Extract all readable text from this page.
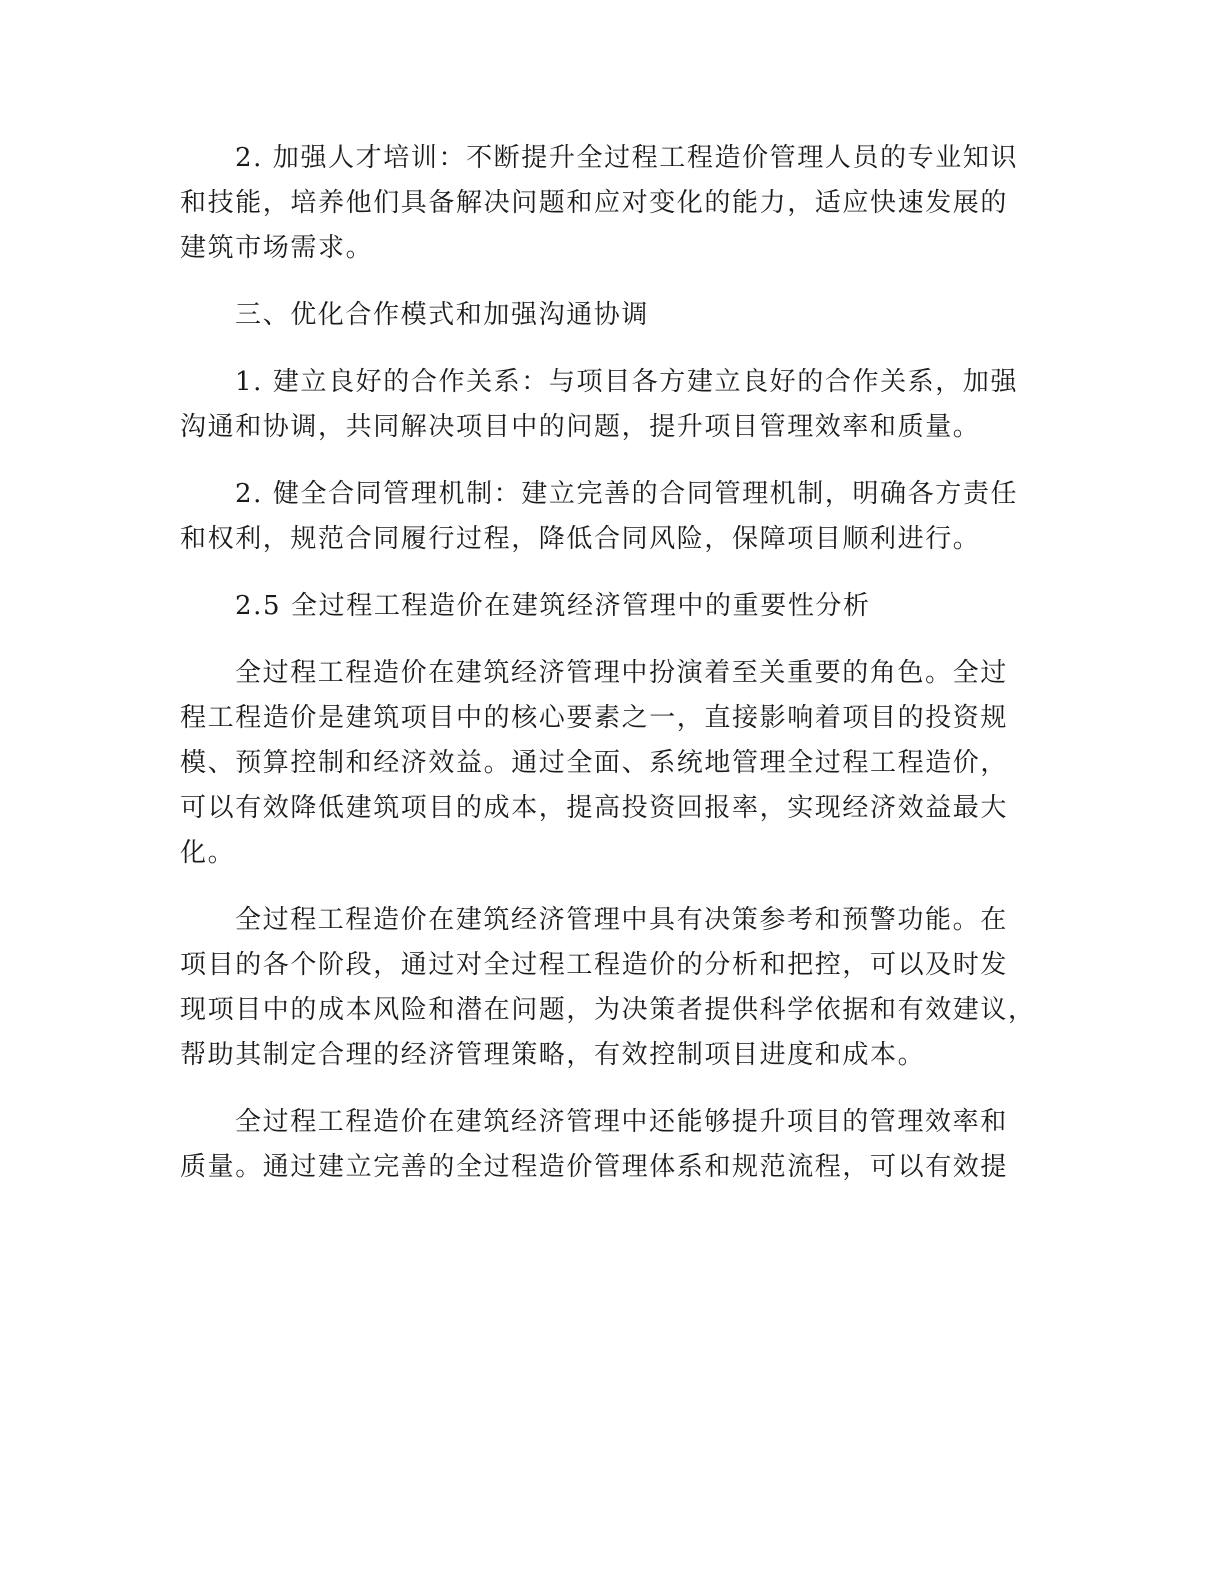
2. 加强人才培训：不断提升全过程工程造价管理人员的专业知识
和技能，培养他们具备解决问题和应对变化的能力，适应快速发展的
建筑市场需求。
三、优化合作模式和加强沟通协调
1. 建立良好的合作关系：与项目各方建立良好的合作关系，加强
沟通和协调，共同解决项目中的问题，提升项目管理效率和质量。
2. 健全合同管理机制：建立完善的合同管理机制，明确各方责任
和权利，规范合同履行过程，降低合同风险，保障项目顺利进行。
2.5 全过程工程造价在建筑经济管理中的重要性分析
全过程工程造价在建筑经济管理中扮演着至关重要的角色。全过
程工程造价是建筑项目中的核心要素之一，直接影响着项目的投资规
模、预算控制和经济效益。通过全面、系统地管理全过程工程造价，
可以有效降低建筑项目的成本，提高投资回报率，实现经济效益最大
化。
全过程工程造价在建筑经济管理中具有决策参考和预警功能。在
项目的各个阶段，通过对全过程工程造价的分析和把控，可以及时发
现项目中的成本风险和潜在问题，为决策者提供科学依据和有效建议，
帮助其制定合理的经济管理策略，有效控制项目进度和成本。
全过程工程造价在建筑经济管理中还能够提升项目的管理效率和
质量。通过建立完善的全过程造价管理体系和规范流程，可以有效提
